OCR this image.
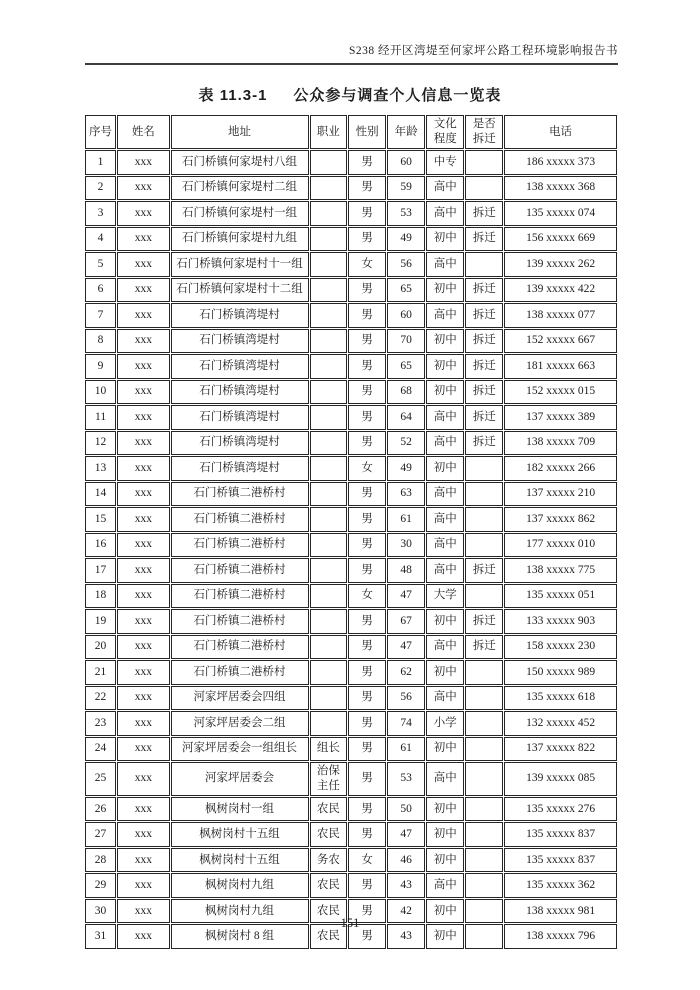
S238 经开区湾堤至何家坪公路工程环境影响报告书
表 11.3-1 公众参与调查个人信息一览表
序号	姓名	地址	职业	性别	年龄	文化程度	是否拆迁	电话
1	xxx	石门桥镇何家堤村八组		男	60	中专		186 xxxxx 373
2	xxx	石门桥镇何家堤村二组		男	59	高中		138 xxxxx 368
3	xxx	石门桥镇何家堤村一组		男	53	高中	拆迁	135 xxxxx 074
4	xxx	石门桥镇何家堤村九组		男	49	初中	拆迁	156 xxxxx 669
5	xxx	石门桥镇何家堤村十一组		女	56	高中		139 xxxxx 262
6	xxx	石门桥镇何家堤村十二组		男	65	初中	拆迁	139 xxxxx 422
7	xxx	石门桥镇湾堤村		男	60	高中	拆迁	138 xxxxx 077
8	xxx	石门桥镇湾堤村		男	70	初中	拆迁	152 xxxxx 667
9	xxx	石门桥镇湾堤村		男	65	初中	拆迁	181 xxxxx 663
10	xxx	石门桥镇湾堤村		男	68	初中	拆迁	152 xxxxx 015
11	xxx	石门桥镇湾堤村		男	64	高中	拆迁	137 xxxxx 389
12	xxx	石门桥镇湾堤村		男	52	高中	拆迁	138 xxxxx 709
13	xxx	石门桥镇湾堤村		女	49	初中		182 xxxxx 266
14	xxx	石门桥镇二港桥村		男	63	高中		137 xxxxx 210
15	xxx	石门桥镇二港桥村		男	61	高中		137 xxxxx 862
16	xxx	石门桥镇二港桥村		男	30	高中		177 xxxxx 010
17	xxx	石门桥镇二港桥村		男	48	高中	拆迁	138 xxxxx 775
18	xxx	石门桥镇二港桥村		女	47	大学		135 xxxxx 051
19	xxx	石门桥镇二港桥村		男	67	初中	拆迁	133 xxxxx 903
20	xxx	石门桥镇二港桥村		男	47	高中	拆迁	158 xxxxx 230
21	xxx	石门桥镇二港桥村		男	62	初中		150 xxxxx 989
22	xxx	河家坪居委会四组		男	56	高中		135 xxxxx 618
23	xxx	河家坪居委会二组		男	74	小学		132 xxxxx 452
24	xxx	河家坪居委会一组组长	组长	男	61	初中		137 xxxxx 822
25	xxx	河家坪居委会	治保主任	男	53	高中		139 xxxxx 085
26	xxx	枫树岗村一组	农民	男	50	初中		135 xxxxx 276
27	xxx	枫树岗村十五组	农民	男	47	初中		135 xxxxx 837
28	xxx	枫树岗村十五组	务农	女	46	初中		135 xxxxx 837
29	xxx	枫树岗村九组	农民	男	43	高中		135 xxxxx 362
30	xxx	枫树岗村九组	农民	男	42	初中		138 xxxxx 981
31	xxx	枫树岗村 8 组	农民	男	43	初中		138 xxxxx 796
151
